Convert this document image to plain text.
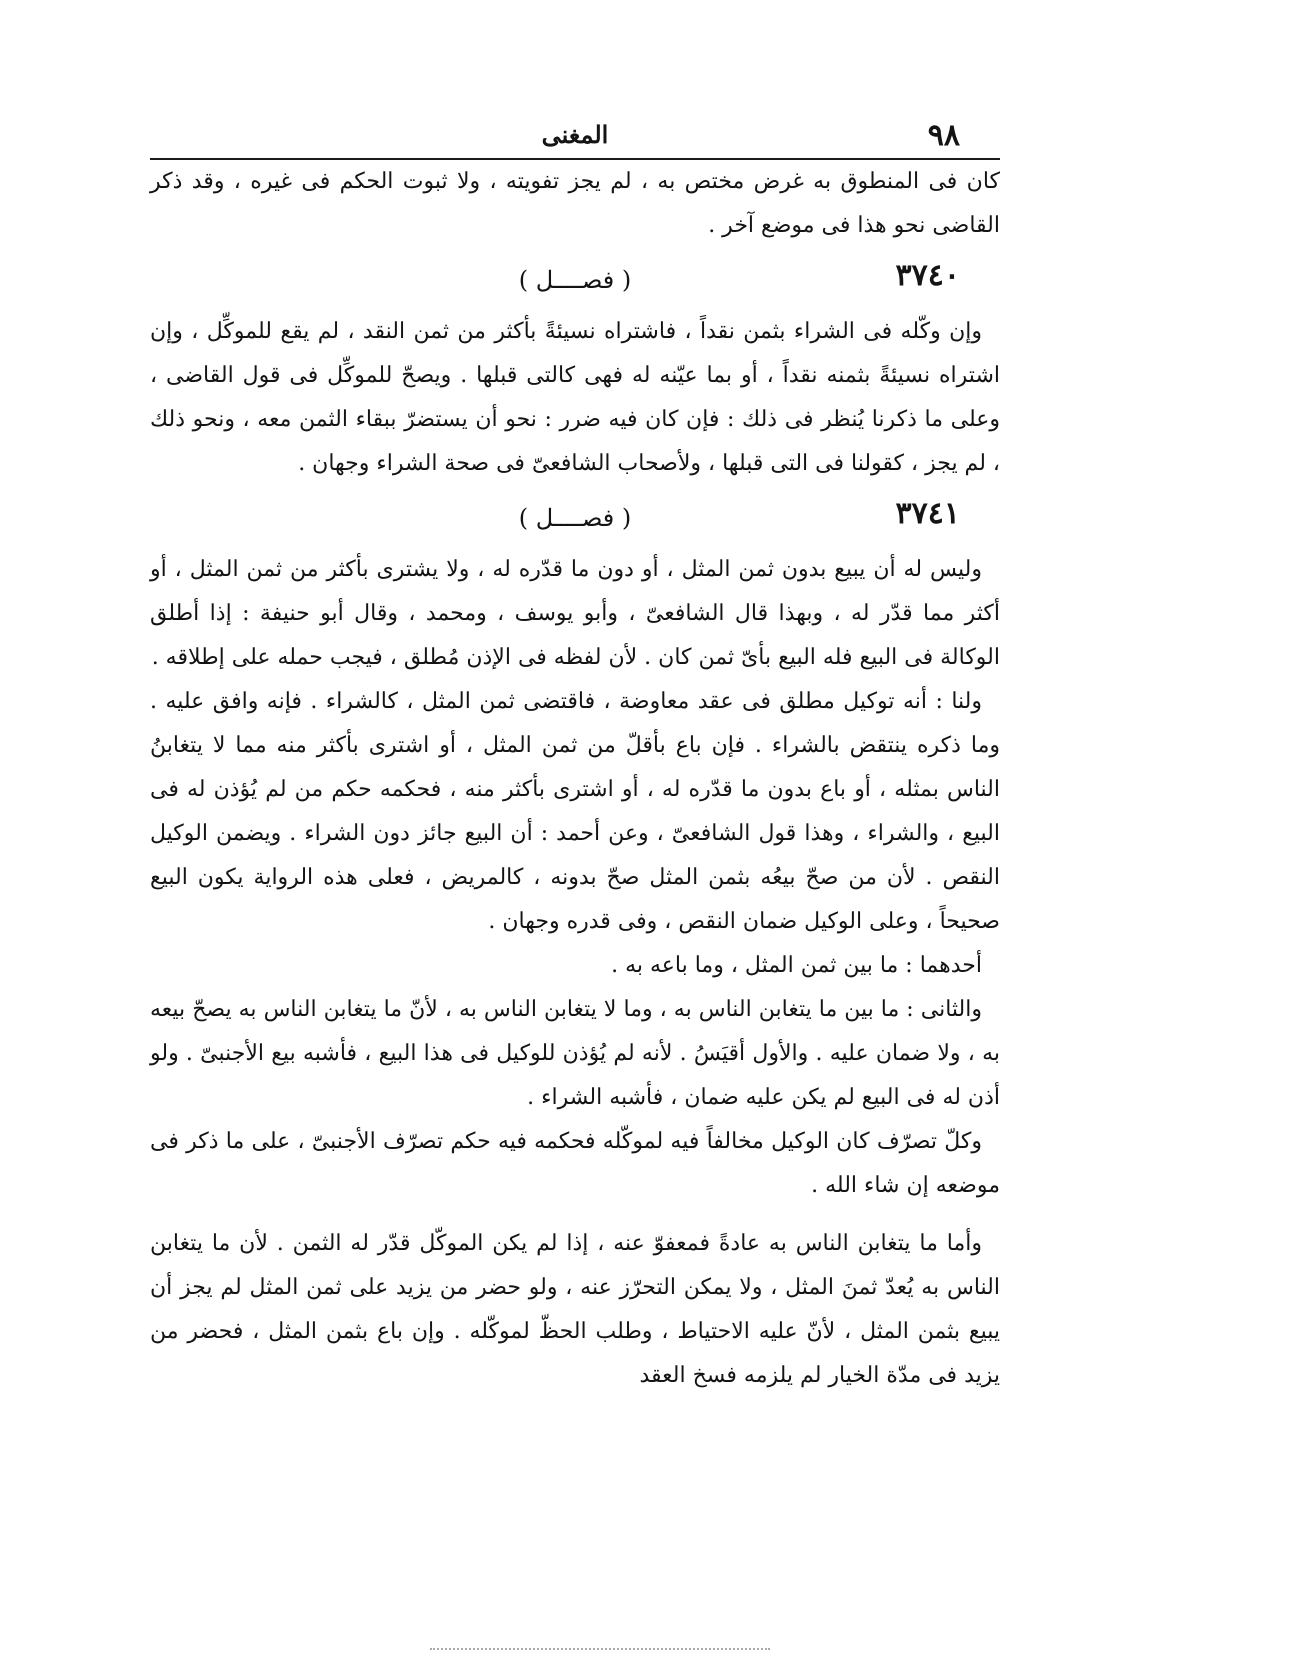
٩٨
المغنى

كان فى المنطوق به غرض مختص به ، لم يجز تفويته ، ولا ثبوت الحكم فى غيره ، وقد ذكر القاضى نحو هذا فى موضع آخر .

٣٧٤٠
( فصــــل )

وإن وكّله فى الشراء بثمن نقداً ، فاشتراه نسيئةً بأكثر من ثمن النقد ، لم يقع للموكِّل ، وإن اشتراه نسيئةً بثمنه نقداً ، أو بما عيّنه له فهى كالتى قبلها . ويصحّ للموكِّل فى قول القاضى ، وعلى ما ذكرنا يُنظر فى ذلك : فإن كان فيه ضرر : نحو أن يستضرّ ببقاء الثمن معه ، ونحو ذلك ، لم يجز ، كقولنا فى التى قبلها ، ولأصحاب الشافعىّ فى صحة الشراء وجهان .

٣٧٤١
( فصــــل )

وليس له أن يبيع بدون ثمن المثل ، أو دون ما قدّره له ، ولا يشترى بأكثر من ثمن المثل ، أو أكثر مما قدّر له ، وبهذا قال الشافعىّ ، وأبو يوسف ، ومحمد ، وقال أبو حنيفة : إذا أطلق الوكالة فى البيع فله البيع بأىّ ثمن كان . لأن لفظه فى الإذن مُطلق ، فيجب حمله على إطلاقه .

ولنا : أنه توكيل مطلق فى عقد معاوضة ، فاقتضى ثمن المثل ، كالشراء . فإنه وافق عليه . وما ذكره ينتقض بالشراء . فإن باع بأقلّ من ثمن المثل ، أو اشترى بأكثر منه مما لا يتغابنُ الناس بمثله ، أو باع بدون ما قدّره له ، أو اشترى بأكثر منه ، فحكمه حكم من لم يُؤذن له فى البيع ، والشراء ، وهذا قول الشافعىّ ، وعن أحمد : أن البيع جائز دون الشراء . ويضمن الوكيل النقص . لأن من صحّ بيعُه بثمن المثل صحّ بدونه ، كالمريض ، فعلى هذه الرواية يكون البيع صحيحاً ، وعلى الوكيل ضمان النقص ، وفى قدره وجهان .

أحدهما : ما بين ثمن المثل ، وما باعه به .

والثانى : ما بين ما يتغابن الناس به ، وما لا يتغابن الناس به ، لأنّ ما يتغابن الناس به يصحّ بيعه به ، ولا ضمان عليه . والأول أقيَسُ . لأنه لم يُؤذن للوكيل فى هذا البيع ، فأشبه بيع الأجنبىّ . ولو أذن له فى البيع لم يكن عليه ضمان ، فأشبه الشراء .

وكلّ تصرّف كان الوكيل مخالفاً فيه لموكّله فحكمه فيه حكم تصرّف الأجنبىّ ، على ما ذكر فى موضعه إن شاء الله .

وأما ما يتغابن الناس به عادةً فمعفوّ عنه ، إذا لم يكن الموكّل قدّر له الثمن . لأن ما يتغابن الناس به يُعدّ ثمنَ المثل ، ولا يمكن التحرّز عنه ، ولو حضر من يزيد على ثمن المثل لم يجز أن يبيع بثمن المثل ، لأنّ عليه الاحتياط ، وطلب الحظّ لموكّله . وإن باع بثمن المثل ، فحضر من يزيد فى مدّة الخيار لم يلزمه فسخ العقد
